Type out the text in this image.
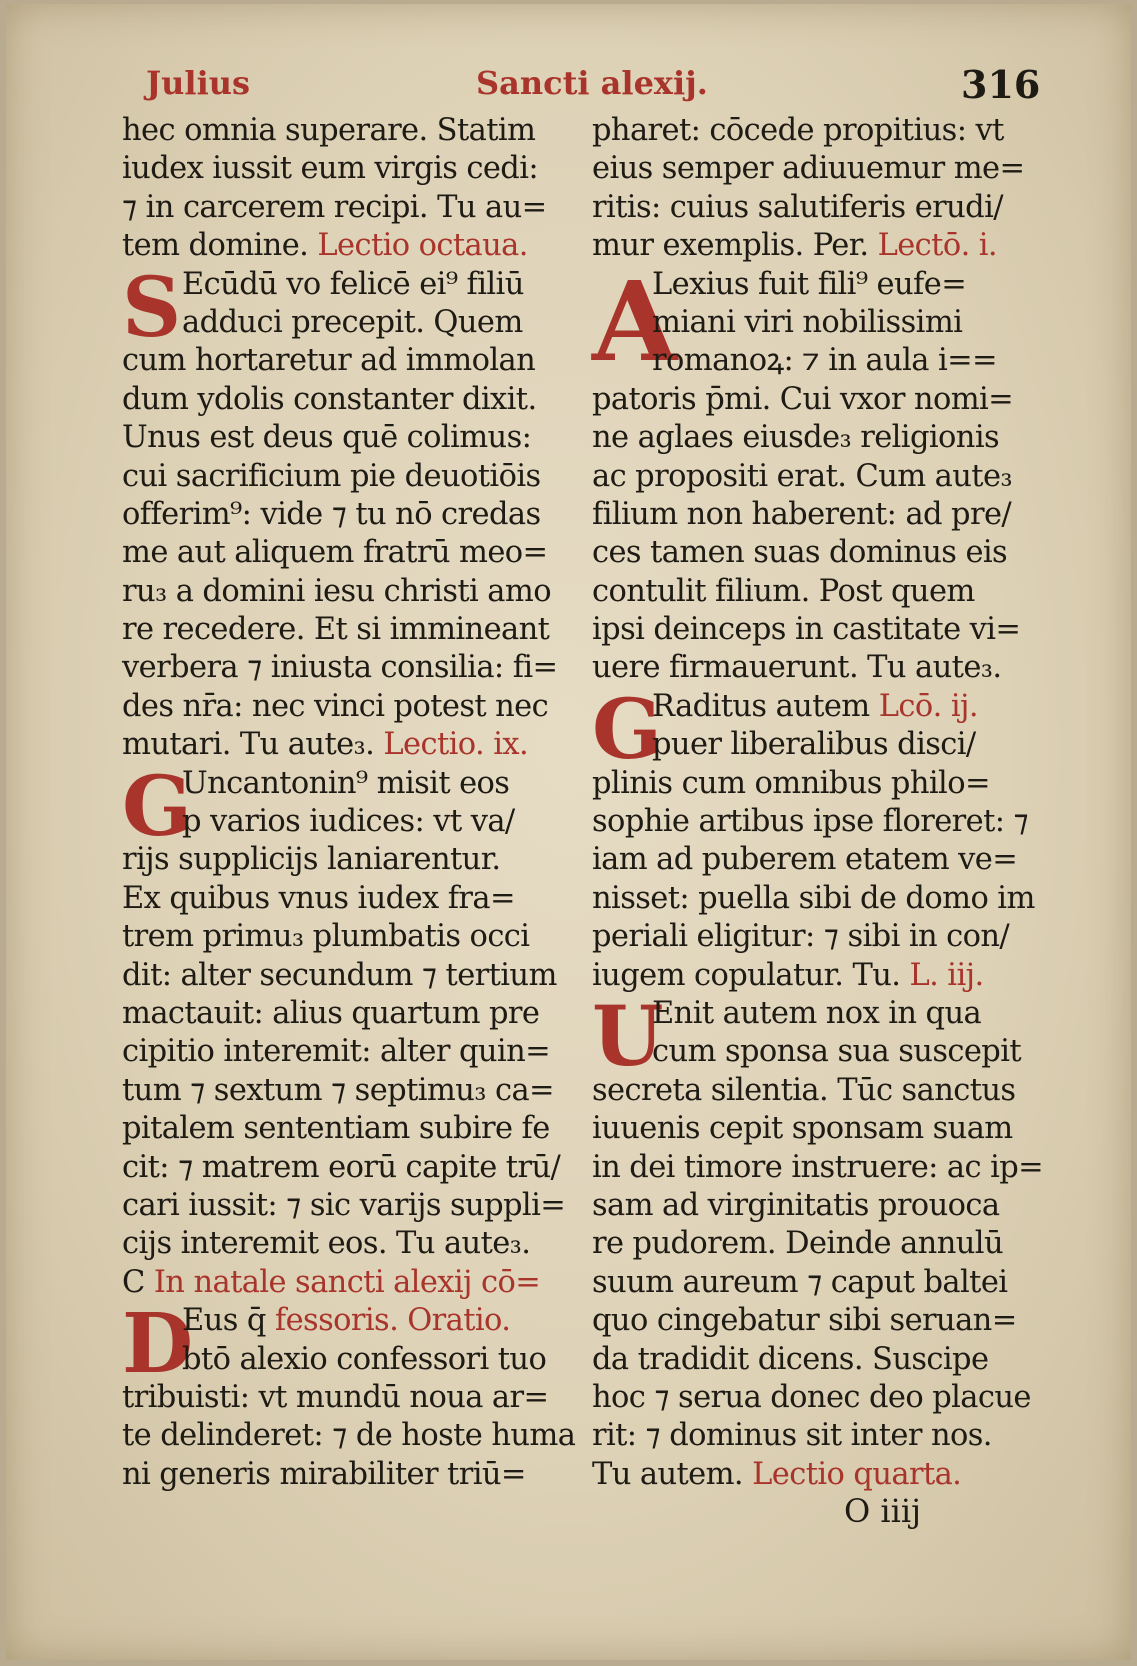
Julius	Sancti alexij.	316
hec omnia superare. Statim
iudex iussit eum virgis cedi:
⁊ in carcerem recipi. Tu au=
tem domine. Lectio octaua.
S Ecūdū vo felicē ei⁹ filiū
adduci precepit. Quem
cum hortaretur ad immolan
dum ydolis constanter dixit.
Unus est deus quē colimus:
cui sacrificium pie deuotiōis
offerim⁹: vide ⁊ tu nō credas
me aut aliquem fratrū meo=
ru₃ a domini iesu christi amo
re recedere. Et si immineant
verbera ⁊ iniusta consilia: fi=
des nr̄a: nec vinci potest nec
mutari. Tu aute₃. Lectio. ix.
G
Uncantonin⁹ misit eos
p varios iudices: vt va/
rijs supplicijs laniarentur.
Ex quibus vnus iudex fra=
trem primu₃ plumbatis occi
dit: alter secundum ⁊ tertium
mactauit: alius quartum pre
cipitio interemit: alter quin=
tum ⁊ sextum ⁊ septimu₃ ca=
pitalem sententiam subire fe
cit: ⁊ matrem eorū capite trū/
cari iussit: ⁊ sic varijs suppli=
cijs interemit eos. Tu aute₃.
C In natale sancti alexij cō=
D
Eus q̄ fessoris. Oratio.
btō alexio confessori tuo
tribuisti: vt mundū noua ar=
te delinderet: ⁊ de hoste huma
ni generis mirabiliter triū=
pharet: cōcede propitius: vt
eius semper adiuuemur me=
ritis: cuius salutiferis erudi/
mur exemplis. Per. Lectō. i.
A
Lexius fuit fili⁹ eufe=
miani viri nobilissimi
romanoꝝ: ⁊ in aula i==
patoris p̄mi. Cui vxor nomi=
ne aglaes eiusde₃ religionis
ac propositi erat. Cum aute₃
filium non haberent: ad pre/
ces tamen suas dominus eis
contulit filium. Post quem
ipsi deinceps in castitate vi=
uere firmauerunt. Tu aute₃.
G
Raditus autem Lcō. ij.
puer liberalibus disci/
plinis cum omnibus philo=
sophie artibus ipse floreret: ⁊
iam ad puberem etatem ve=
nisset: puella sibi de domo im
periali eligitur: ⁊ sibi in con/
iugem copulatur. Tu. L. iij.
U
Enit autem nox in qua
cum sponsa sua suscepit
secreta silentia. Tūc sanctus
iuuenis cepit sponsam suam
in dei timore instruere: ac ip=
sam ad virginitatis prouoca
re pudorem. Deinde annulū
suum aureum ⁊ caput baltei
quo cingebatur sibi seruan=
da tradidit dicens. Suscipe
hoc ⁊ serua donec deo placue
rit: ⁊ dominus sit inter nos.
Tu autem. Lectio quarta.
O iiij
